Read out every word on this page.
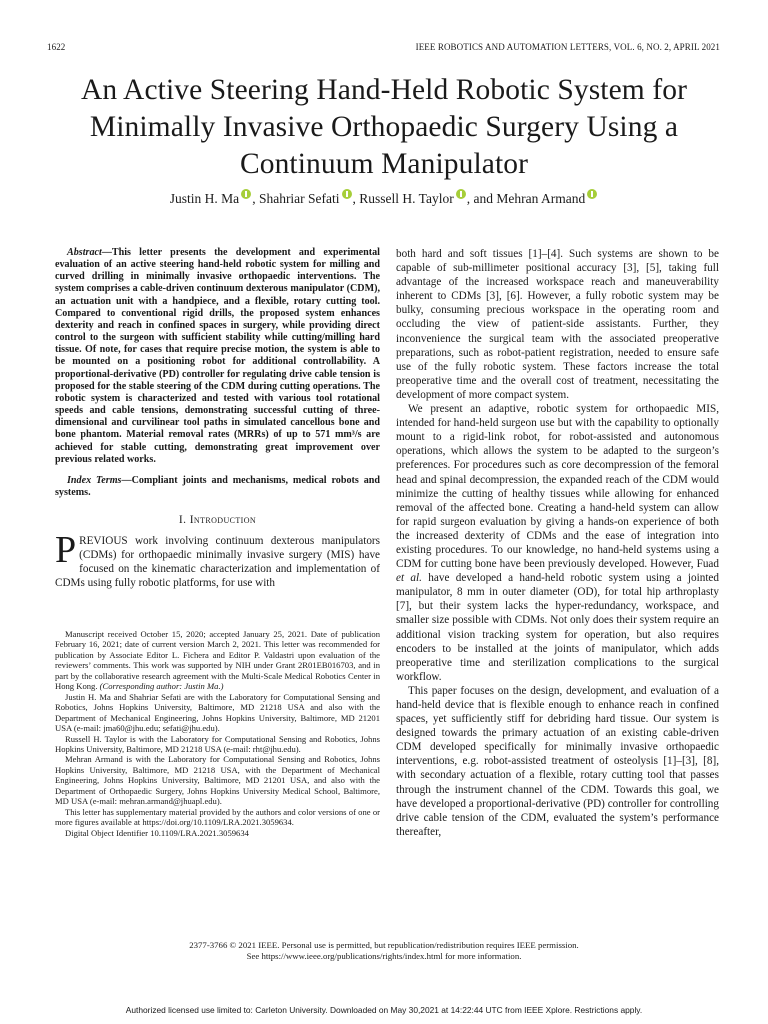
1622	IEEE ROBOTICS AND AUTOMATION LETTERS, VOL. 6, NO. 2, APRIL 2021
An Active Steering Hand-Held Robotic System for
Minimally Invasive Orthopaedic Surgery Using a
Continuum Manipulator
Justin H. Ma , Shahriar Sefati , Russell H. Taylor , and Mehran Armand

Abstract—This letter presents the development and experimental evaluation of an active steering hand-held robotic system for milling and curved drilling in minimally invasive orthopaedic interventions. The system comprises a cable-driven continuum dexterous manipulator (CDM), an actuation unit with a handpiece, and a flexible, rotary cutting tool. Compared to conventional rigid drills, the proposed system enhances dexterity and reach in confined spaces in surgery, while providing direct control to the surgeon with sufficient stability while cutting/milling hard tissue. Of note, for cases that require precise motion, the system is able to be mounted on a positioning robot for additional controllability. A proportional-derivative (PD) controller for regulating drive cable tension is proposed for the stable steering of the CDM during cutting operations. The robotic system is characterized and tested with various tool rotational speeds and cable tensions, demonstrating successful cutting of three-dimensional and curvilinear tool paths in simulated cancellous bone and bone phantom. Material removal rates (MRRs) of up to 571 mm³/s are achieved for stable cutting, demonstrating great improvement over previous related works.

Index Terms—Compliant joints and mechanisms, medical robots and systems.

I. Introduction

PREVIOUS work involving continuum dexterous manipulators (CDMs) for orthopaedic minimally invasive surgery (MIS) have focused on the kinematic characterization and implementation of CDMs using fully robotic platforms, for use with

Manuscript received October 15, 2020; accepted January 25, 2021. Date of publication February 16, 2021; date of current version March 2, 2021. This letter was recommended for publication by Associate Editor L. Fichera and Editor P. Valdastri upon evaluation of the reviewers’ comments. This work was supported by NIH under Grant 2R01EB016703, and in part by the collaborative research agreement with the Multi-Scale Medical Robotics Center in Hong Kong. (Corresponding author: Justin Ma.)

Justin H. Ma and Shahriar Sefati are with the Laboratory for Computational Sensing and Robotics, Johns Hopkins University, Baltimore, MD 21218 USA and also with the Department of Mechanical Engineering, Johns Hopkins University, Baltimore, MD 21201 USA (e-mail: jma60@jhu.edu; sefati@jhu.edu).

Russell H. Taylor is with the Laboratory for Computational Sensing and Robotics, Johns Hopkins University, Baltimore, MD 21218 USA (e-mail: rht@jhu.edu).

Mehran Armand is with the Laboratory for Computational Sensing and Robotics, Johns Hopkins University, Baltimore, MD 21218 USA, with the Department of Mechanical Engineering, Johns Hopkins University, Baltimore, MD 21201 USA, and also with the Department of Orthopaedic Surgery, Johns Hopkins University Medical School, Baltimore, MD USA (e-mail: mehran.armand@jhuapl.edu).

This letter has supplementary material provided by the authors and color versions of one or more figures available at https://doi.org/10.1109/LRA.2021.3059634.

Digital Object Identifier 10.1109/LRA.2021.3059634

both hard and soft tissues [1]–[4]. Such systems are shown to be capable of sub-millimeter positional accuracy [3], [5], taking full advantage of the increased workspace reach and maneuverability inherent to CDMs [3], [6]. However, a fully robotic system may be bulky, consuming precious workspace in the operating room and occluding the view of patient-side assistants. Further, they inconvenience the surgical team with the associated preoperative preparations, such as robot-patient registration, needed to ensure safe use of the fully robotic system. These factors increase the total preoperative time and the overall cost of treatment, necessitating the development of more compact system.

We present an adaptive, robotic system for orthopaedic MIS, intended for hand-held surgeon use but with the capability to optionally mount to a rigid-link robot, for robot-assisted and autonomous operations, which allows the system to be adapted to the surgeon’s preferences. For procedures such as core decompression of the femoral head and spinal decompression, the expanded reach of the CDM would minimize the cutting of healthy tissues while allowing for enhanced removal of the affected bone. Creating a hand-held system can allow for rapid surgeon evaluation by giving a hands-on experience of both the increased dexterity of CDMs and the ease of integration into existing procedures. To our knowledge, no hand-held systems using a CDM for cutting bone have been previously developed. However, Fuad et al. have developed a hand-held robotic system using a jointed manipulator, 8 mm in outer diameter (OD), for total hip arthroplasty [7], but their system lacks the hyper-redundancy, workspace, and smaller size possible with CDMs. Not only does their system require an additional vision tracking system for operation, but also requires encoders to be installed at the joints of manipulator, which adds preoperative time and sterilization complications to the surgical workflow.

This paper focuses on the design, development, and evaluation of a hand-held device that is flexible enough to enhance reach in confined spaces, yet sufficiently stiff for debriding hard tissue. Our system is designed towards the primary actuation of an existing cable-driven CDM developed specifically for minimally invasive orthopaedic interventions, e.g. robot-assisted treatment of osteolysis [1]–[3], [8], with secondary actuation of a flexible, rotary cutting tool that passes through the instrument channel of the CDM. Towards this goal, we have developed a proportional-derivative (PD) controller for controlling drive cable tension of the CDM, evaluated the system’s performance thereafter,

2377-3766 © 2021 IEEE. Personal use is permitted, but republication/redistribution requires IEEE permission.
See https://www.ieee.org/publications/rights/index.html for more information.
Authorized licensed use limited to: Carleton University. Downloaded on May 30,2021 at 14:22:44 UTC from IEEE Xplore. Restrictions apply.
